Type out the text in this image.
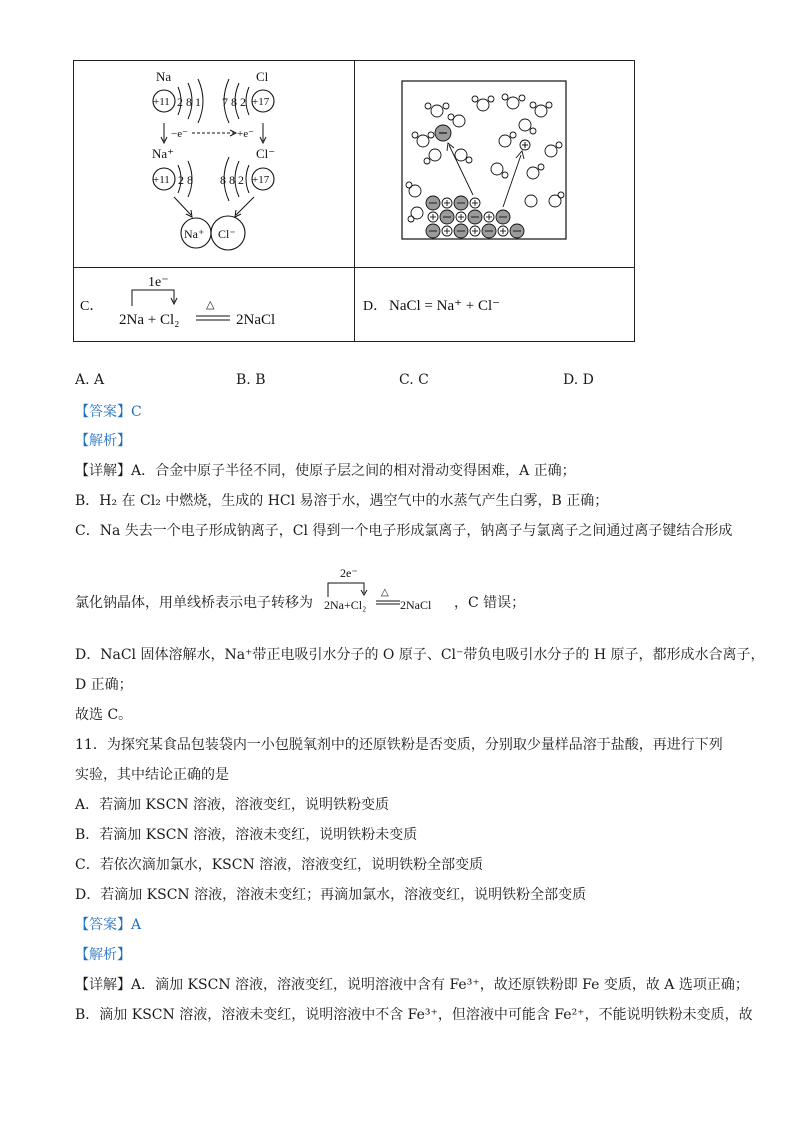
Na	Cl
+11 2 8 1	+17
7 8 2
−e⁻	+e⁻
Na⁺	Cl⁻
+11 2 8	+17
8 8 2
Na⁺ Cl⁻
C．
1e⁻
2Na + Cl₂
△
2NaCl
D． NaCl = Na⁺ + Cl⁻
A. A	B. B	C. C	D. D
【答案】C
【解析】
【详解】A．合金中原子半径不同，使原子层之间的相对滑动变得困难，A 正确；
B．H₂ 在 Cl₂ 中燃烧，生成的 HCl 易溶于水，遇空气中的水蒸气产生白雾，B 正确；
C．Na 失去一个电子形成钠离子，Cl 得到一个电子形成氯离子，钠离子与氯离子之间通过离子键结合形成
氯化钠晶体，用单线桥表示电子转移为
2e⁻
2Na+Cl₂
△
2NaCl ，C 错误；
D．NaCl 固体溶解水，Na⁺带正电吸引水分子的 O 原子、Cl⁻带负电吸引水分子的 H 原子，都形成水合离子，
D 正确；
故选 C。
11．为探究某食品包装袋内一小包脱氧剂中的还原铁粉是否变质，分别取少量样品溶于盐酸，再进行下列
实验，其中结论正确的是
A．若滴加 KSCN 溶液，溶液变红，说明铁粉变质
B．若滴加 KSCN 溶液，溶液未变红，说明铁粉未变质
C．若依次滴加氯水，KSCN 溶液，溶液变红，说明铁粉全部变质
D．若滴加 KSCN 溶液，溶液未变红；再滴加氯水，溶液变红，说明铁粉全部变质
【答案】A
【解析】
【详解】A．滴加 KSCN 溶液，溶液变红，说明溶液中含有 Fe³⁺，故还原铁粉即 Fe 变质，故 A 选项正确；
B．滴加 KSCN 溶液，溶液未变红，说明溶液中不含 Fe³⁺，但溶液中可能含 Fe²⁺，不能说明铁粉未变质，故
